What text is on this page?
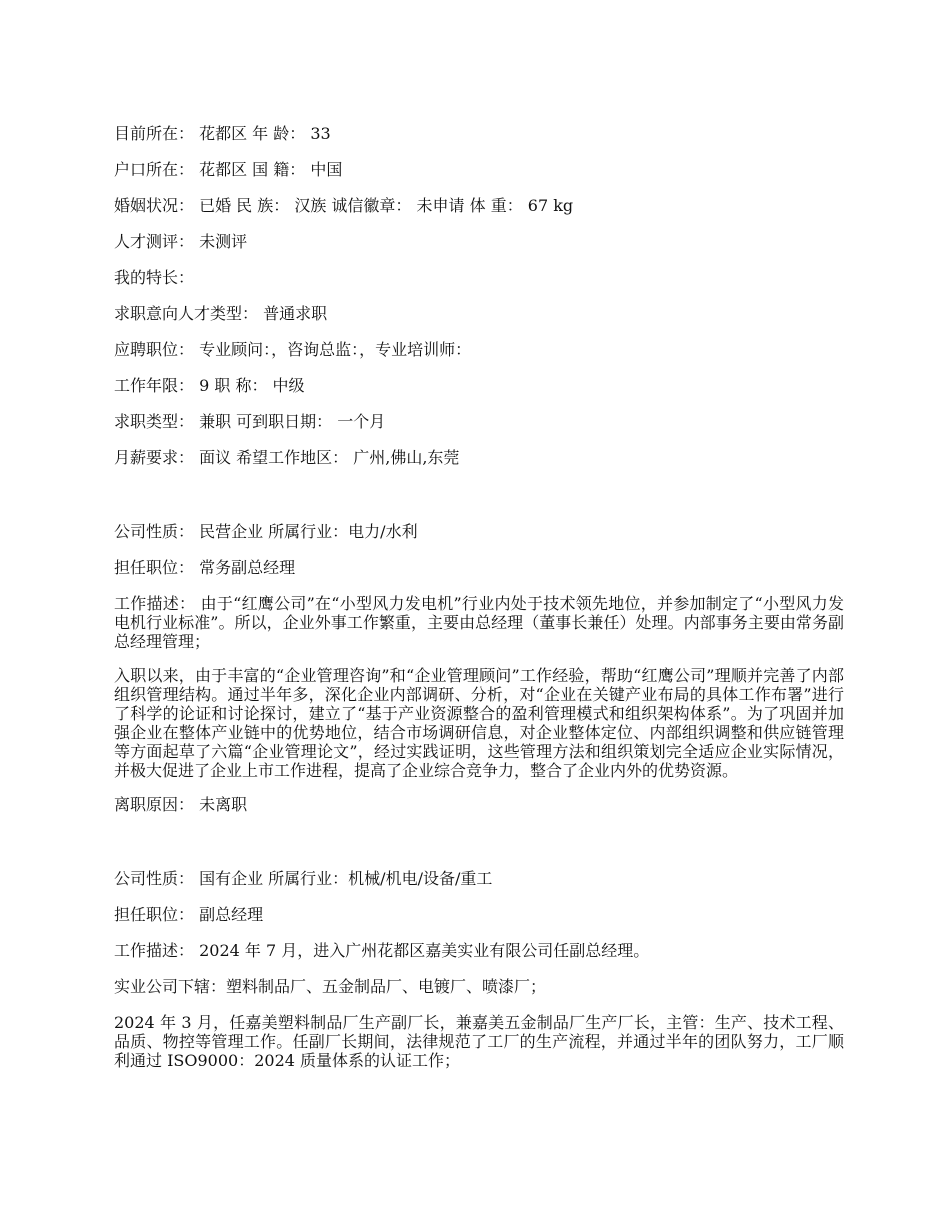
目前所在： 花都区 年 龄： 33

户口所在： 花都区 国 籍： 中国

婚姻状况： 已婚 民 族： 汉族 诚信徽章： 未申请 体 重： 67 kg

人才测评： 未测评

我的特长：

求职意向人才类型： 普通求职

应聘职位： 专业顾问：，咨询总监：，专业培训师：

工作年限： 9 职 称： 中级

求职类型： 兼职 可到职日期： 一个月

月薪要求： 面议 希望工作地区： 广州,佛山,东莞

公司性质： 民营企业 所属行业：电力/水利

担任职位： 常务副总经理

工作描述： 由于“红鹰公司”在“小型风力发电机”行业内处于技术领先地位，并参加制定了“小型风力发电机行业标准”。所以，企业外事工作繁重，主要由总经理（董事长兼任）处理。内部事务主要由常务副总经理管理；

入职以来，由于丰富的“企业管理咨询”和“企业管理顾问”工作经验，帮助“红鹰公司”理顺并完善了内部组织管理结构。通过半年多，深化企业内部调研、分析，对“企业在关键产业布局的具体工作布署”进行了科学的论证和讨论探讨，建立了“基于产业资源整合的盈利管理模式和组织架构体系”。为了巩固并加强企业在整体产业链中的优势地位，结合市场调研信息，对企业整体定位、内部组织调整和供应链管理等方面起草了六篇“企业管理论文”，经过实践证明，这些管理方法和组织策划完全适应企业实际情况，并极大促进了企业上市工作进程，提高了企业综合竞争力，整合了企业内外的优势资源。

离职原因： 未离职

公司性质： 国有企业 所属行业：机械/机电/设备/重工

担任职位： 副总经理

工作描述： 2024 年 7 月，进入广州花都区嘉美实业有限公司任副总经理。

实业公司下辖：塑料制品厂、五金制品厂、电镀厂、喷漆厂；

2024 年 3 月，任嘉美塑料制品厂生产副厂长，兼嘉美五金制品厂生产厂长，主管：生产、技术工程、品质、物控等管理工作。任副厂长期间，法律规范了工厂的生产流程，并通过半年的团队努力，工厂顺利通过 ISO9000：2024 质量体系的认证工作；
